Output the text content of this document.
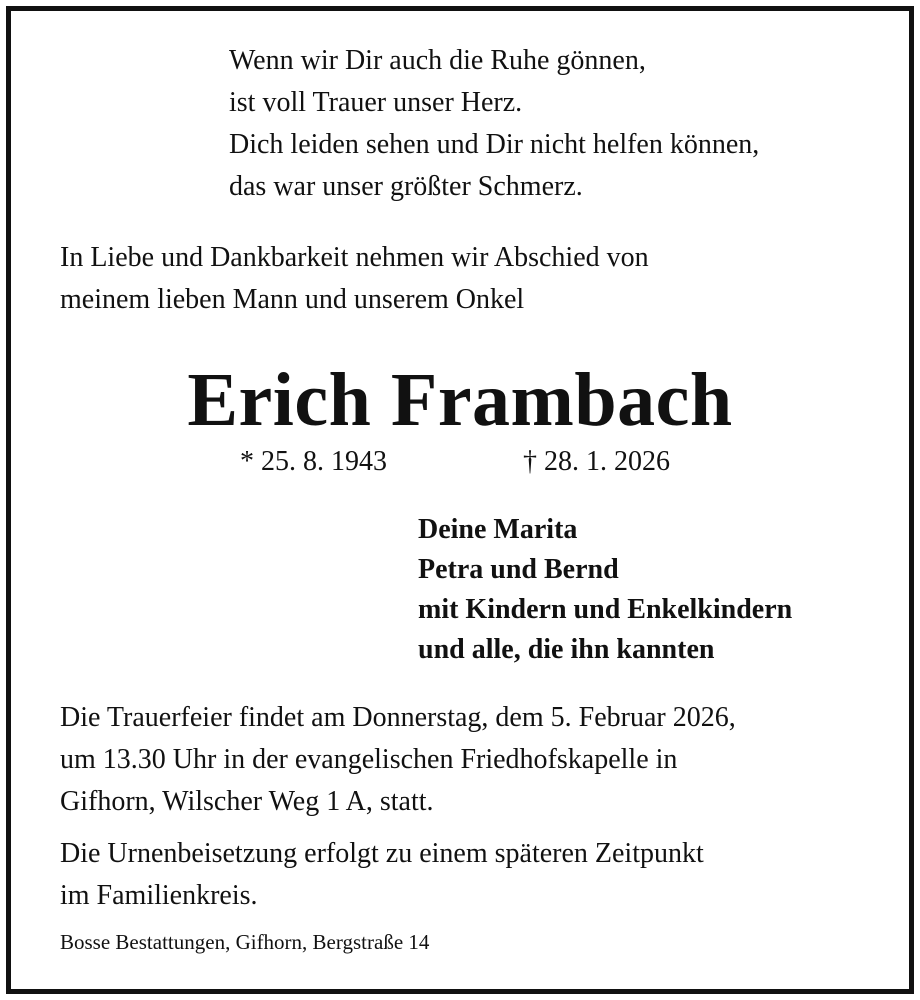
Wenn wir Dir auch die Ruhe gönnen,
ist voll Trauer unser Herz.
Dich leiden sehen und Dir nicht helfen können,
das war unser größter Schmerz.
In Liebe und Dankbarkeit nehmen wir Abschied von
meinem lieben Mann und unserem Onkel
Erich Frambach
* 25. 8. 1943	† 28. 1. 2026
Deine Marita
Petra und Bernd
mit Kindern und Enkelkindern
und alle, die ihn kannten
Die Trauerfeier findet am Donnerstag, dem 5. Februar 2026,
um 13.30 Uhr in der evangelischen Friedhofskapelle in
Gifhorn, Wilscher Weg 1 A, statt.
Die Urnenbeisetzung erfolgt zu einem späteren Zeitpunkt
im Familienkreis.
Bosse Bestattungen, Gifhorn, Bergstraße 14
